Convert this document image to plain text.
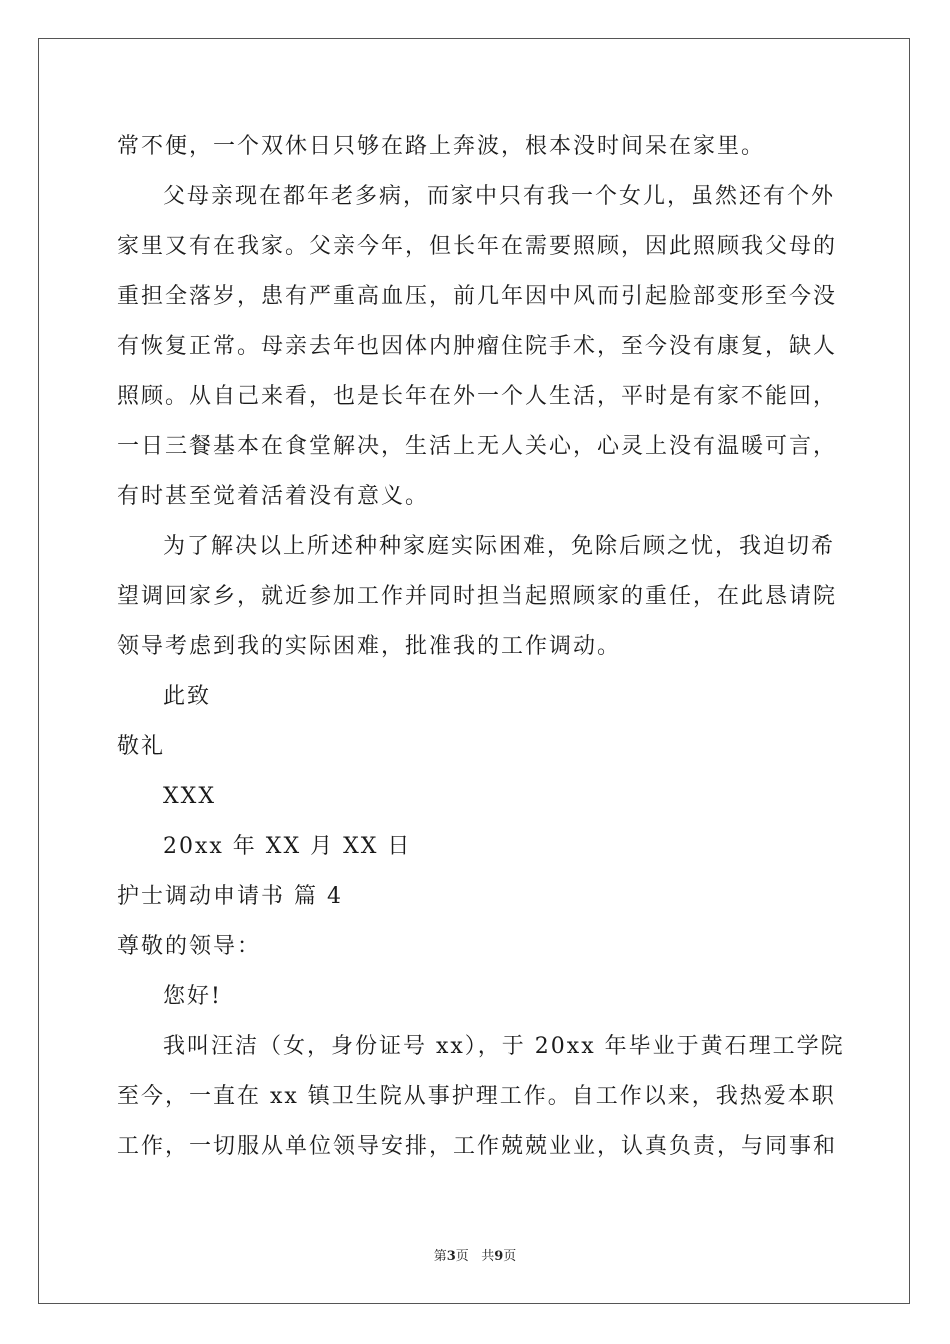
常不便，一个双休日只够在路上奔波，根本没时间呆在家里。
父母亲现在都年老多病，而家中只有我一个女儿，虽然还有个外
家里又有在我家。父亲今年，但长年在需要照顾，因此照顾我父母的
重担全落岁，患有严重高血压，前几年因中风而引起脸部变形至今没
有恢复正常。母亲去年也因体内肿瘤住院手术，至今没有康复，缺人
照顾。从自己来看，也是长年在外一个人生活，平时是有家不能回，
一日三餐基本在食堂解决，生活上无人关心，心灵上没有温暖可言，
有时甚至觉着活着没有意义。
为了解决以上所述种种家庭实际困难，免除后顾之忧，我迫切希
望调回家乡，就近参加工作并同时担当起照顾家的重任，在此恳请院
领导考虑到我的实际困难，批准我的工作调动。
此致
敬礼
XXX
20xx 年 XX 月 XX 日
护士调动申请书 篇 4
尊敬的领导：
您好!
我叫汪洁（女，身份证号 xx），于 20xx 年毕业于黄石理工学院
至今，一直在 xx 镇卫生院从事护理工作。自工作以来，我热爱本职
工作，一切服从单位领导安排，工作兢兢业业，认真负责，与同事和
第3页   共9页
